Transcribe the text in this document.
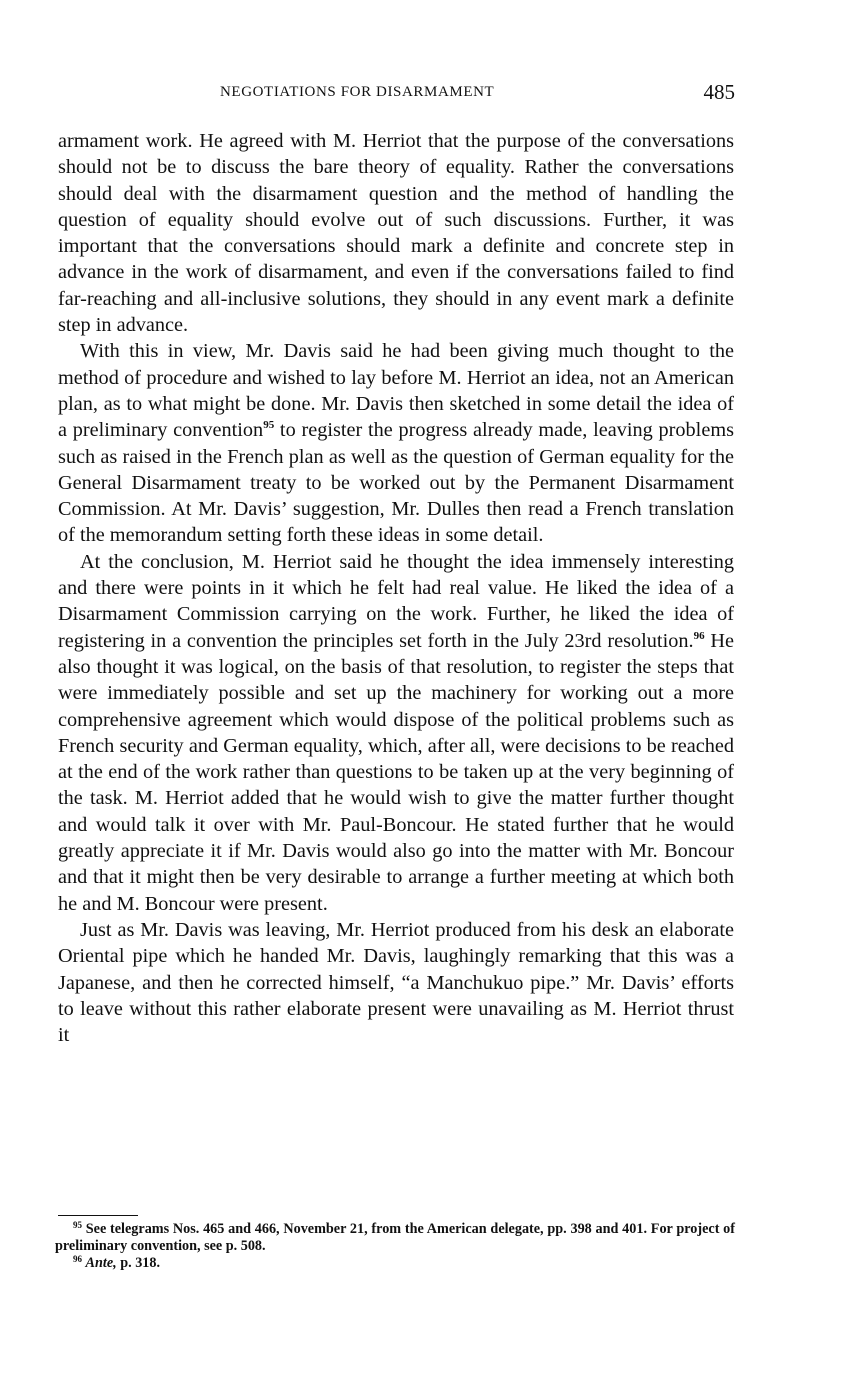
NEGOTIATIONS FOR DISARMAMENT	485

armament work. He agreed with M. Herriot that the purpose of the conversations should not be to discuss the bare theory of equality. Rather the conversations should deal with the disarmament question and the method of handling the question of equality should evolve out of such discussions. Further, it was important that the conversations should mark a definite and concrete step in advance in the work of disarmament, and even if the conversations failed to find far-reaching and all-inclusive solutions, they should in any event mark a definite step in advance.

With this in view, Mr. Davis said he had been giving much thought to the method of procedure and wished to lay before M. Herriot an idea, not an American plan, as to what might be done. Mr. Davis then sketched in some detail the idea of a preliminary convention$^{95}$ to register the progress already made, leaving problems such as raised in the French plan as well as the question of German equality for the General Disarmament treaty to be worked out by the Permanent Disarmament Commission. At Mr. Davis’ suggestion, Mr. Dulles then read a French translation of the memorandum setting forth these ideas in some detail.

At the conclusion, M. Herriot said he thought the idea immensely interesting and there were points in it which he felt had real value. He liked the idea of a Disarmament Commission carrying on the work. Further, he liked the idea of registering in a convention the principles set forth in the July 23rd resolution.$^{96}$ He also thought it was logical, on the basis of that resolution, to register the steps that were immediately possible and set up the machinery for working out a more comprehensive agreement which would dispose of the political problems such as French security and German equality, which, after all, were decisions to be reached at the end of the work rather than questions to be taken up at the very beginning of the task. M. Herriot added that he would wish to give the matter further thought and would talk it over with Mr. Paul-Boncour. He stated further that he would greatly appreciate it if Mr. Davis would also go into the matter with Mr. Boncour and that it might then be very desirable to arrange a further meeting at which both he and M. Boncour were present.

Just as Mr. Davis was leaving, Mr. Herriot produced from his desk an elaborate Oriental pipe which he handed Mr. Davis, laughingly remarking that this was a Japanese, and then he corrected himself, “a Manchukuo pipe.” Mr. Davis’ efforts to leave without this rather elaborate present were unavailing as M. Herriot thrust it

$^{95}$ See telegrams Nos. 465 and 466, November 21, from the American delegate, pp. 398 and 401. For project of preliminary convention, see p. 508.

$^{96}$ Ante, p. 318.
